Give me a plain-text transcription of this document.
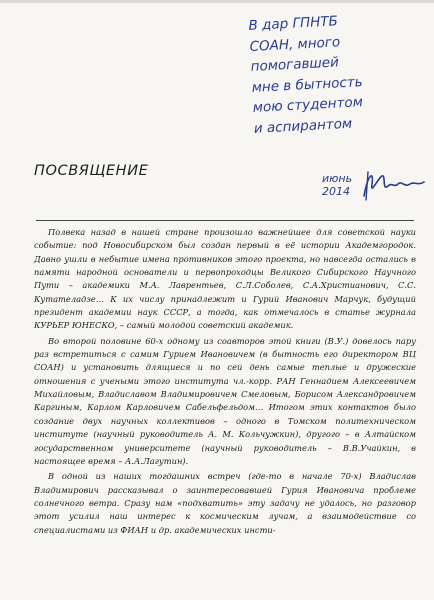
В дар ГПНТБ
СОАН, много
помогавшей
мне в бытность
мою студентом
и аспирантом
июнь
2014
ПОСВЯЩЕНИЕ

Полвека назад в нашей стране произошло важнейшее для советской науки событие: под Новосибирском был создан первый в её истории Академгородок. Давно ушли в небытие имена противников этого проекта, но навсегда остались в памяти народной основатели и первопроходцы Великого Сибирского Научного Пути – академики М.А. Лаврентьев, С.Л.Соболев, С.А.Христианович, С.С. Кутателадзе… К их числу принадлежит и Гурий Иванович Марчук, будущий президент академии наук СССР, а тогда, как отмечалось в статье журнала КУРЬЕР ЮНЕСКО, – самый молодой советский академик.

Во второй половине 60-х одному из соавторов этой книги (В.У.) довелось пару раз встретиться с самим Гурием Ивановичем (в бытность его директором ВЦ СОАН) и установить длящиеся и по сей день самые теплые и дружеские отношения с учеными этого института чл.-корр. РАН Геннадием Алексеевичем Михайловым, Владиславом Владимировичем Смеловым, Борисом Александровичем Каргиным, Карлом Карловичем Сабельфельдом… Итогом этих контактов было создание двух научных коллективов – одного в Томском политехническом институте (научный руководитель А. М. Кольчужкин), другого – в Алтайском государственном университете (научный руководитель – В.В.Учайкин, в настоящее время – А.А.Лагутин).

В одной из наших тогдашних встреч (где-то в начале 70-х) Владислав Владимирович рассказывал о заинтересовавшей Гурия Ивановича проблеме солнечного ветра. Сразу нам «подхватить» эту задачу не удалось, но разговор этот усилил наш интерес к космическим лучам, а взаимодействие со специалистами из ФИАН и др. академических инсти-
